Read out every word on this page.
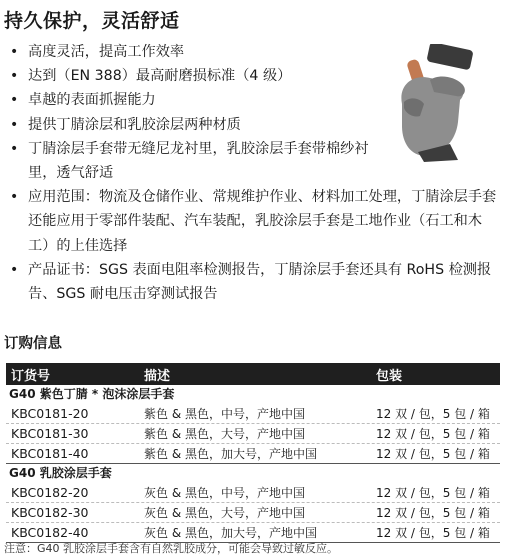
持久保护，灵活舒适
• 高度灵活，提高工作效率
• 达到（EN 388）最高耐磨损标准（4 级）
• 卓越的表面抓握能力
• 提供丁腈涂层和乳胶涂层两种材质
• 丁腈涂层手套带无缝尼龙衬里，乳胶涂层手套带棉纱衬里，透气舒适
• 应用范围：物流及仓储作业、常规维护作业、材料加工处理，丁腈涂层手套还能应用于零部件装配、汽车装配，乳胶涂层手套是工地作业（石工和木工）的上佳选择
• 产品证书：SGS 表面电阻率检测报告，丁腈涂层手套还具有 RoHS 检测报告、SGS 耐电压击穿测试报告
订购信息
订货号	描述	包装
G40 紫色丁腈 * 泡沫涂层手套
KBC0181-20	紫色 & 黑色，中号，产地中国	12 双 / 包，5 包 / 箱
KBC0181-30	紫色 & 黑色，大号，产地中国	12 双 / 包，5 包 / 箱
KBC0181-40	紫色 & 黑色，加大号，产地中国	12 双 / 包，5 包 / 箱
G40 乳胶涂层手套
KBC0182-20	灰色 & 黑色，中号，产地中国	12 双 / 包，5 包 / 箱
KBC0182-30	灰色 & 黑色，大号，产地中国	12 双 / 包，5 包 / 箱
KBC0182-40	灰色 & 黑色，加大号，产地中国	12 双 / 包，5 包 / 箱
注意：G40 乳胶涂层手套含有自然乳胶成分，可能会导致过敏反应。
